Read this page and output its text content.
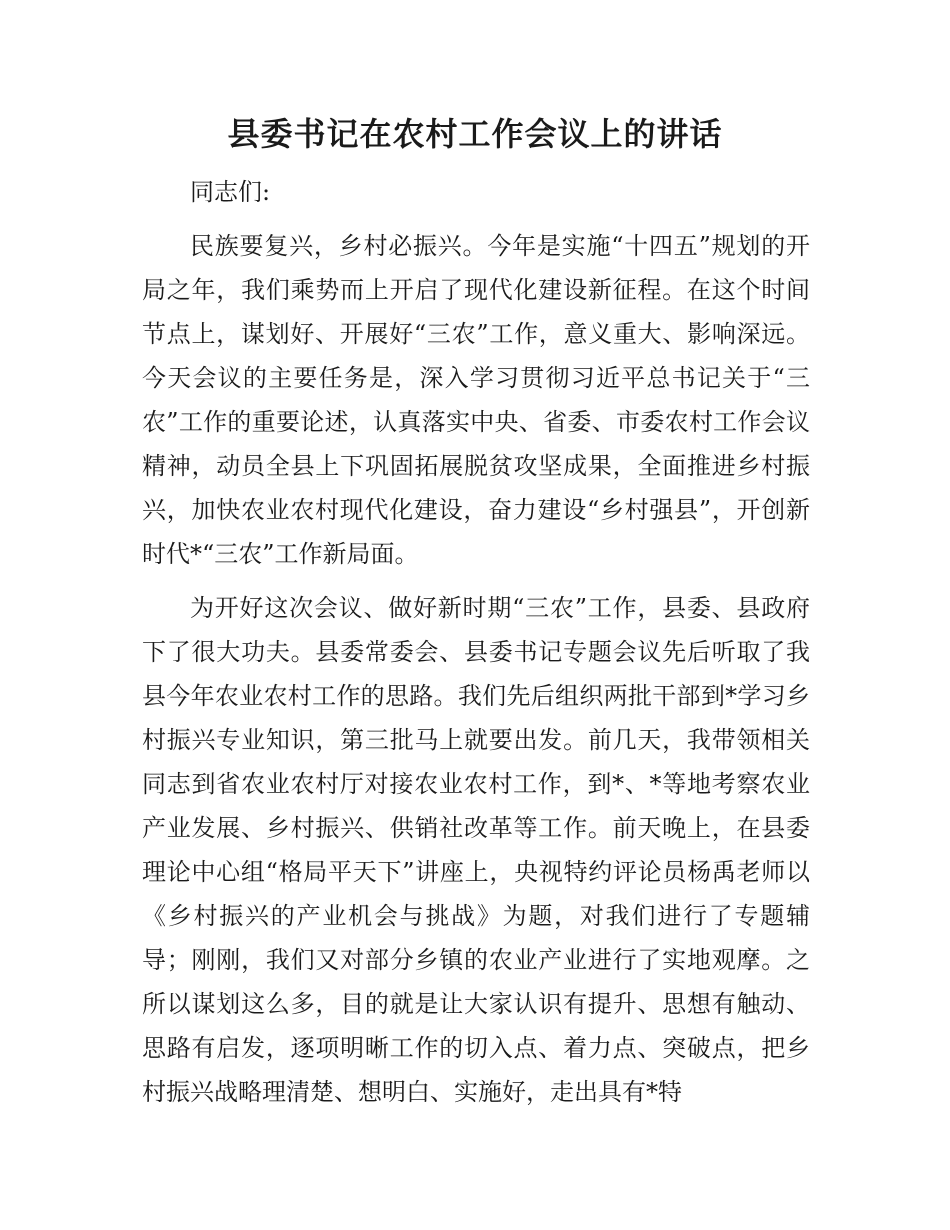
县委书记在农村工作会议上的讲话

同志们:

民族要复兴，乡村必振兴。今年是实施“十四五”规划的开局之年，我们乘势而上开启了现代化建设新征程。在这个时间节点上，谋划好、开展好“三农”工作，意义重大、影响深远。今天会议的主要任务是，深入学习贯彻习近平总书记关于“三农”工作的重要论述，认真落实中央、省委、市委农村工作会议精神，动员全县上下巩固拓展脱贫攻坚成果，全面推进乡村振兴，加快农业农村现代化建设，奋力建设“乡村强县”，开创新时代*“三农”工作新局面。

为开好这次会议、做好新时期“三农”工作，县委、县政府下了很大功夫。县委常委会、县委书记专题会议先后听取了我县今年农业农村工作的思路。我们先后组织两批干部到*学习乡村振兴专业知识，第三批马上就要出发。前几天，我带领相关同志到省农业农村厅对接农业农村工作，到*、*等地考察农业产业发展、乡村振兴、供销社改革等工作。前天晚上，在县委理论中心组“格局平天下”讲座上，央视特约评论员杨禹老师以《乡村振兴的产业机会与挑战》为题，对我们进行了专题辅导；刚刚，我们又对部分乡镇的农业产业进行了实地观摩。之所以谋划这么多，目的就是让大家认识有提升、思想有触动、思路有启发，逐项明晰工作的切入点、着力点、突破点，把乡村振兴战略理清楚、想明白、实施好，走出具有*特
